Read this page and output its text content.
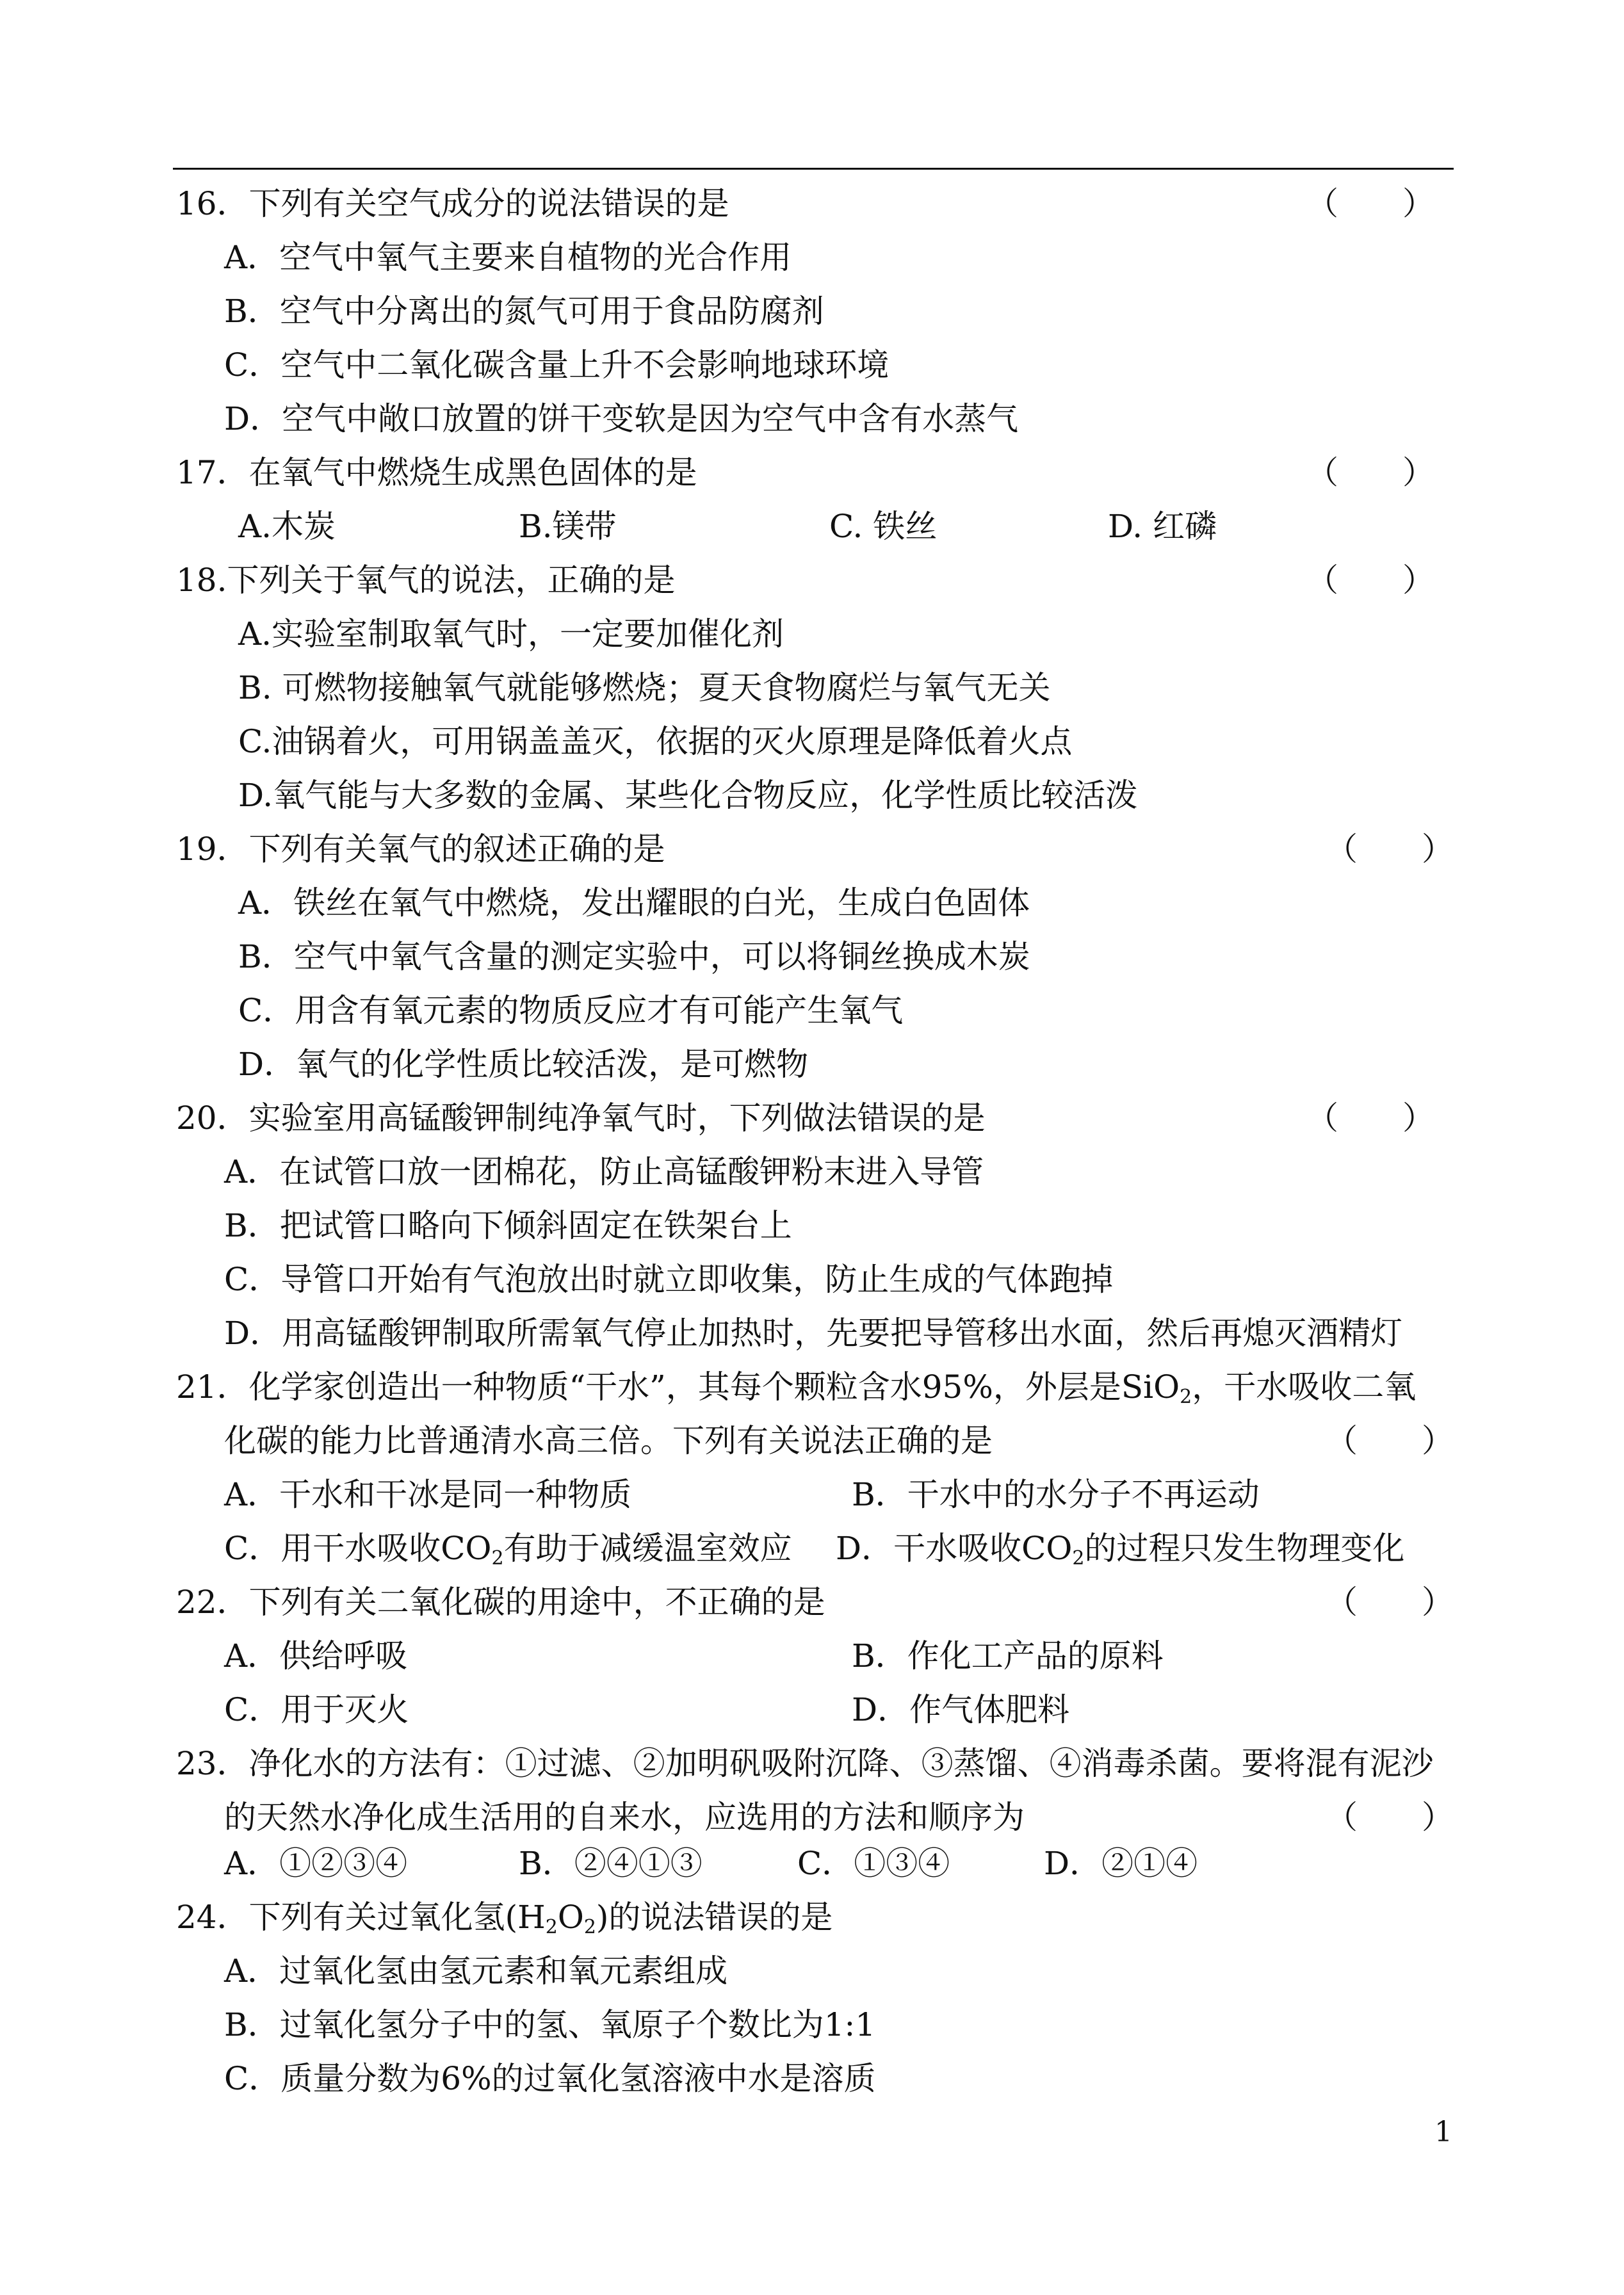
16．下列有关空气成分的说法错误的是	（　　）
A．空气中氧气主要来自植物的光合作用
B．空气中分离出的氮气可用于食品防腐剂
C．空气中二氧化碳含量上升不会影响地球环境
D．空气中敞口放置的饼干变软是因为空气中含有水蒸气
17．在氧气中燃烧生成黑色固体的是	（　　）
A.木炭	B.镁带	C. 铁丝	D. 红磷
18.下列关于氧气的说法，正确的是	（　　）
A.实验室制取氧气时，一定要加催化剂
B. 可燃物接触氧气就能够燃烧；夏天食物腐烂与氧气无关
C.油锅着火，可用锅盖盖灭，依据的灭火原理是降低着火点
D.氧气能与大多数的金属、某些化合物反应，化学性质比较活泼
19．下列有关氧气的叙述正确的是	（　　）
A．铁丝在氧气中燃烧，发出耀眼的白光，生成白色固体
B．空气中氧气含量的测定实验中，可以将铜丝换成木炭
C．用含有氧元素的物质反应才有可能产生氧气
D．氧气的化学性质比较活泼，是可燃物
20．实验室用高锰酸钾制纯净氧气时，下列做法错误的是	（　　）
A．在试管口放一团棉花，防止高锰酸钾粉末进入导管
B．把试管口略向下倾斜固定在铁架台上
C．导管口开始有气泡放出时就立即收集，防止生成的气体跑掉
D．用高锰酸钾制取所需氧气停止加热时，先要把导管移出水面，然后再熄灭酒精灯
21．化学家创造出一种物质“干水”，其每个颗粒含水95%，外层是SiO$_2$，干水吸收二氧
化碳的能力比普通清水高三倍。下列有关说法正确的是	（　　）
A．干水和干冰是同一种物质	B．干水中的水分子不再运动
C．用干水吸收$CO_2$有助于减缓温室效应 D．干水吸收$CO_2$的过程只发生物理变化
22．下列有关二氧化碳的用途中，不正确的是	（　　）
A．供给呼吸	B．作化工产品的原料
C．用于灭火	D．作气体肥料
23．净化水的方法有：①过滤、②加明矾吸附沉降、③蒸馏、④消毒杀菌。要将混有泥沙
的天然水净化成生活用的自来水，应选用的方法和顺序为	（　　）
A．①②③④	B．②④①③	C．①③④	D．②①④
24．下列有关过氧化氢$(H_2O_2)$的说法错误的是
A．过氧化氢由氢元素和氧元素组成
B．过氧化氢分子中的氢、氧原子个数比为1:1
C．质量分数为6%的过氧化氢溶液中水是溶质
1
